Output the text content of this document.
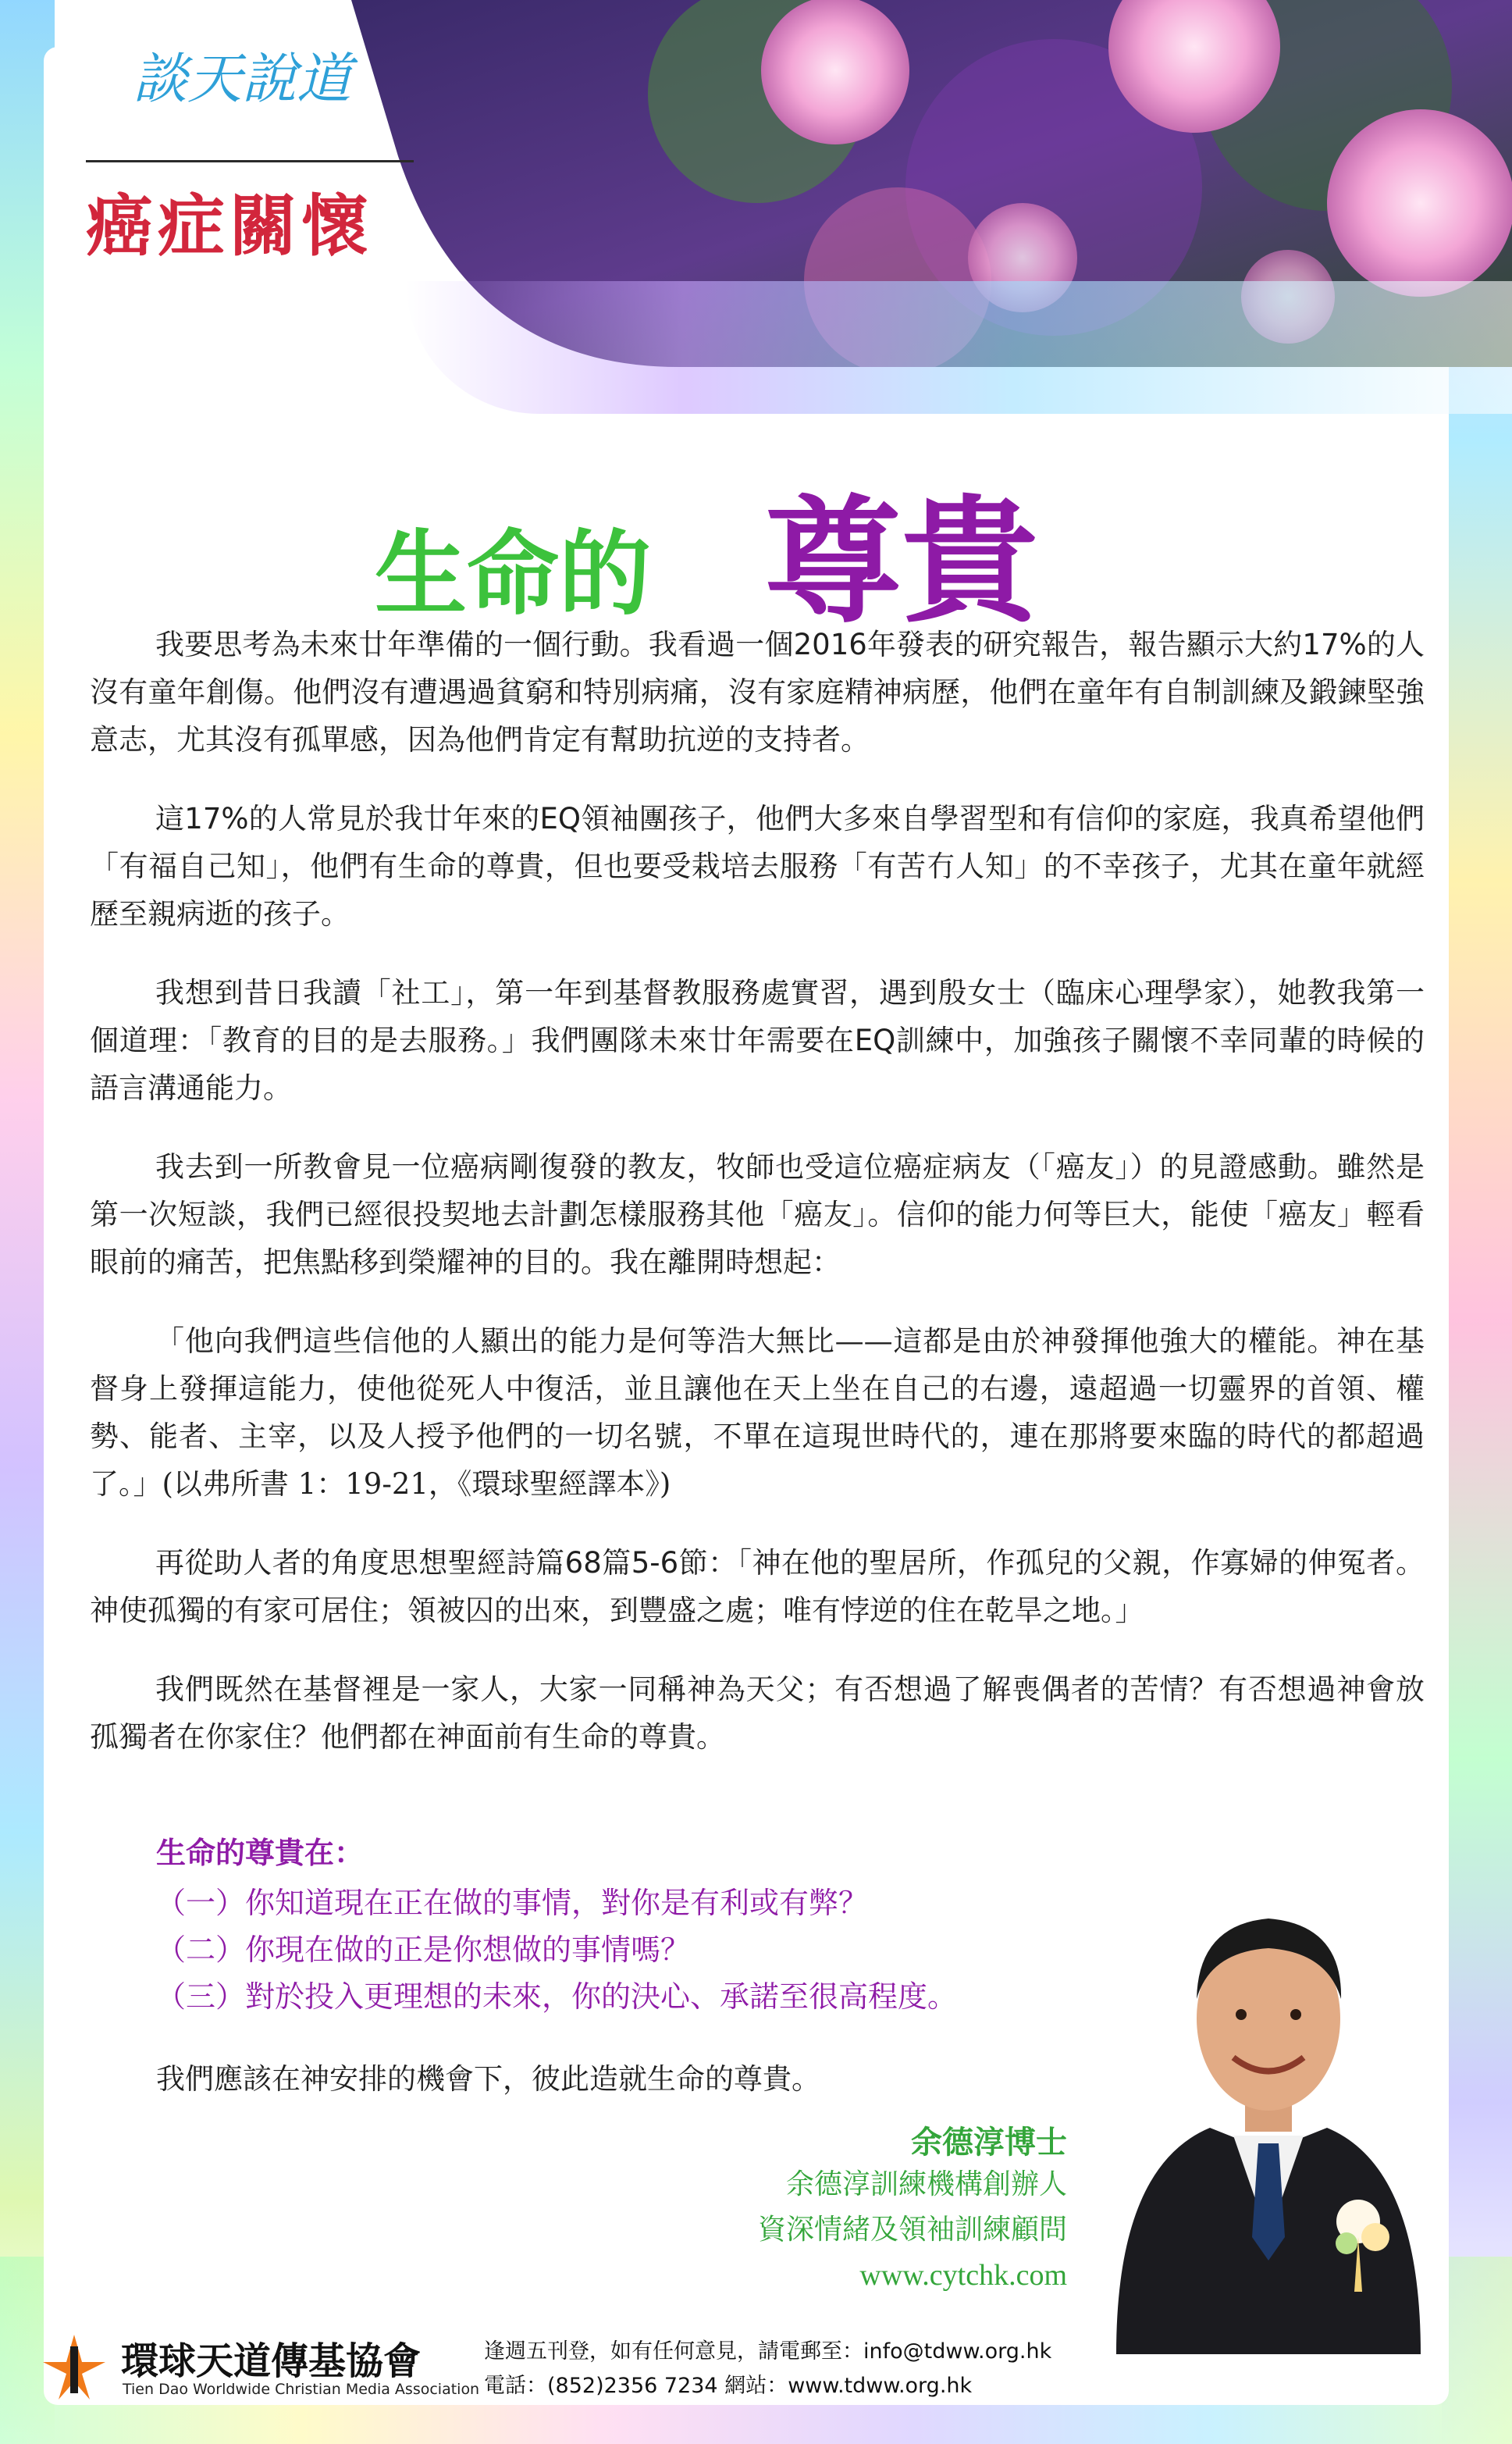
談天說道
癌症關懷
生命的 尊貴

我要思考為未來廿年準備的一個行動。我看過一個2016年發表的研究報告，報告顯示大約17%的人沒有童年創傷。他們沒有遭遇過貧窮和特別病痛，沒有家庭精神病歷，他們在童年有自制訓練及鍛鍊堅強意志，尤其沒有孤單感，因為他們肯定有幫助抗逆的支持者。

這17%的人常見於我廿年來的EQ領袖團孩子，他們大多來自學習型和有信仰的家庭，我真希望他們「有福自己知」，他們有生命的尊貴，但也要受栽培去服務「有苦冇人知」的不幸孩子，尤其在童年就經歷至親病逝的孩子。

我想到昔日我讀「社工」，第一年到基督教服務處實習，遇到殷女士（臨床心理學家），她教我第一個道理：「教育的目的是去服務。」我們團隊未來廿年需要在EQ訓練中，加強孩子關懷不幸同輩的時候的語言溝通能力。

我去到一所教會見一位癌病剛復發的教友，牧師也受這位癌症病友（「癌友」）的見證感動。雖然是第一次短談，我們已經很投契地去計劃怎樣服務其他「癌友」。信仰的能力何等巨大，能使「癌友」輕看眼前的痛苦，把焦點移到榮耀神的目的。我在離開時想起：

「他向我們這些信他的人顯出的能力是何等浩大無比——這都是由於神發揮他強大的權能。神在基督身上發揮這能力，使他從死人中復活，並且讓他在天上坐在自己的右邊，遠超過一切靈界的首領、權勢、能者、主宰，以及人授予他們的一切名號，不單在這現世時代的，連在那將要來臨的時代的都超過了。」(以弗所書 1：19-21，《環球聖經譯本》)

再從助人者的角度思想聖經詩篇68篇5-6節：「神在他的聖居所，作孤兒的父親，作寡婦的伸冤者。神使孤獨的有家可居住；領被囚的出來，到豐盛之處；唯有悖逆的住在乾旱之地。」

我們既然在基督裡是一家人，大家一同稱神為天父；有否想過了解喪偶者的苦情？有否想過神會放孤獨者在你家住？他們都在神面前有生命的尊貴。

生命的尊貴在：
（一）你知道現在正在做的事情，對你是有利或有弊？
（二）你現在做的正是你想做的事情嗎？
（三）對於投入更理想的未來，你的決心、承諾至很高程度。
我們應該在神安排的機會下，彼此造就生命的尊貴。
余德淳博士
余德淳訓練機構創辦人
資深情緒及領袖訓練顧問
www.cytchk.com
環球天道傳基協會
Tien Dao Worldwide Christian Media Association
逢週五刊登，如有任何意見，請電郵至：info@tdww.org.hk
電話：(852)2356 7234 網站：www.tdww.org.hk
